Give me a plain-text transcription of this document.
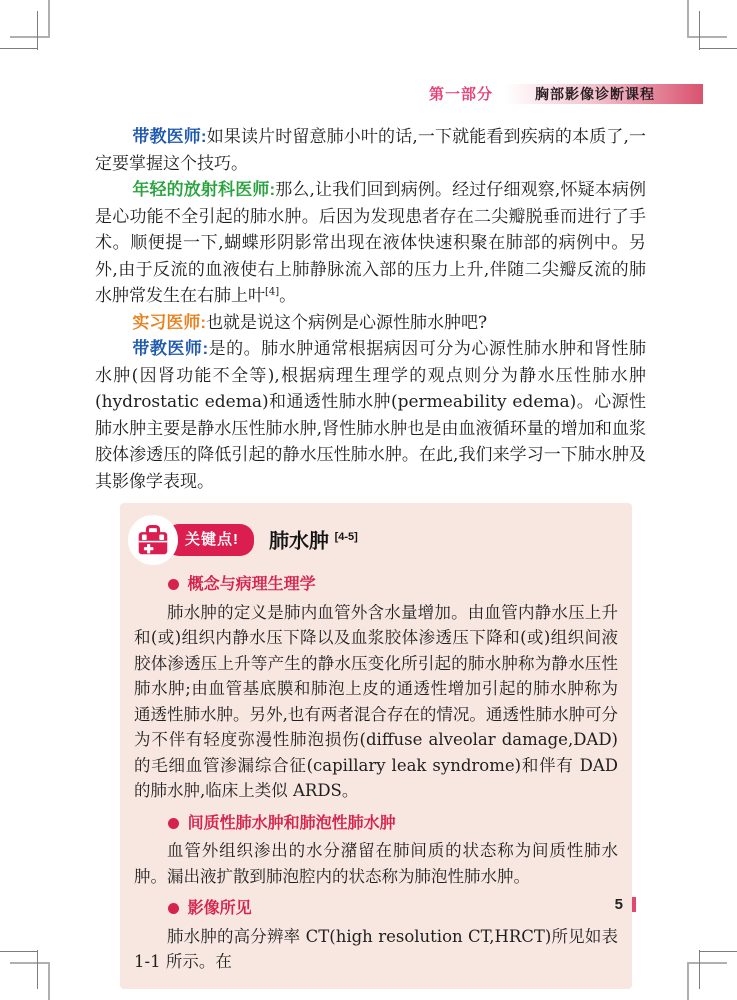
第一部分	胸部影像诊断课程

带教医师:如果读片时留意肺小叶的话,一下就能看到疾病的本质了,一定要掌握这个技巧。

年轻的放射科医师:那么,让我们回到病例。经过仔细观察,怀疑本病例是心功能不全引起的肺水肿。后因为发现患者存在二尖瓣脱垂而进行了手术。顺便提一下,蝴蝶形阴影常出现在液体快速积聚在肺部的病例中。另外,由于反流的血液使右上肺静脉流入部的压力上升,伴随二尖瓣反流的肺水肿常发生在右肺上叶[4]。

实习医师:也就是说这个病例是心源性肺水肿吧?

带教医师:是的。肺水肿通常根据病因可分为心源性肺水肿和肾性肺水肿(因肾功能不全等),根据病理生理学的观点则分为静水压性肺水肿(hydrostatic edema)和通透性肺水肿(permeability edema)。心源性肺水肿主要是静水压性肺水肿,肾性肺水肿也是由血液循环量的增加和血浆胶体渗透压的降低引起的静水压性肺水肿。在此,我们来学习一下肺水肿及其影像学表现。

关键点!	肺水肿 [4-5]
概念与病理生理学

肺水肿的定义是肺内血管外含水量增加。由血管内静水压上升和(或)组织内静水压下降以及血浆胶体渗透压下降和(或)组织间液胶体渗透压上升等产生的静水压变化所引起的肺水肿称为静水压性肺水肿;由血管基底膜和肺泡上皮的通透性增加引起的肺水肿称为通透性肺水肿。另外,也有两者混合存在的情况。通透性肺水肿可分为不伴有轻度弥漫性肺泡损伤(diffuse alveolar damage,DAD)的毛细血管渗漏综合征(capillary leak syndrome)和伴有 DAD 的肺水肿,临床上类似 ARDS。

间质性肺水肿和肺泡性肺水肿

血管外组织渗出的水分潴留在肺间质的状态称为间质性肺水肿。漏出液扩散到肺泡腔内的状态称为肺泡性肺水肿。

影像所见

肺水肿的高分辨率 CT(high resolution CT,HRCT)所见如表 1-1 所示。在

5
